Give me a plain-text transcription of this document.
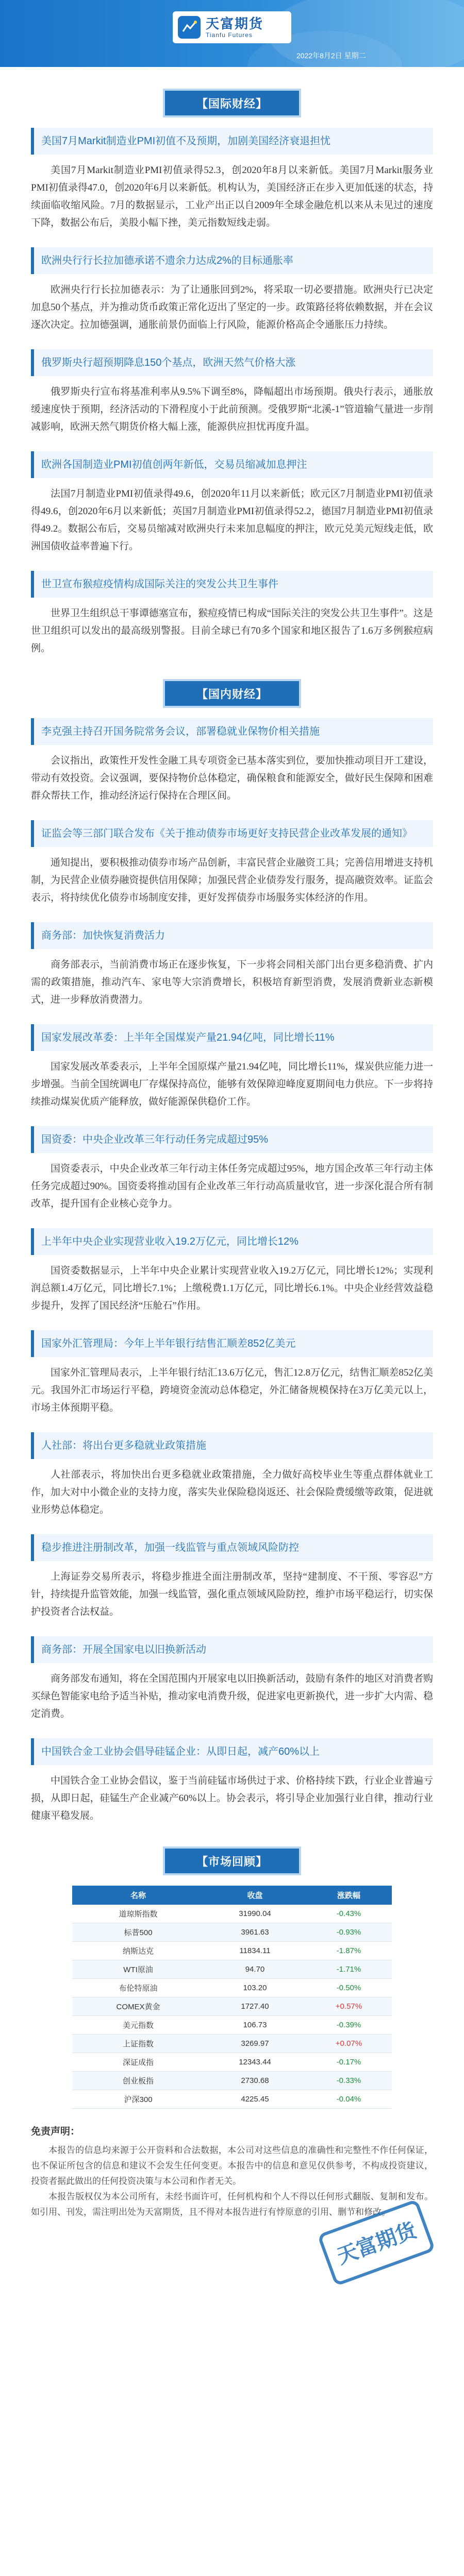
天富期货
Tianfu Futures
2022年8月2日 星期二
【国际财经】
美国7月Markit制造业PMI初值不及预期，加剧美国经济衰退担忧

美国7月Markit制造业PMI初值录得52.3，创2020年8月以来新低。美国7月Markit服务业PMI初值录得47.0，创2020年6月以来新低。机构认为，美国经济正在步入更加低迷的状态，持续面临收缩风险。7月的数据显示，工业产出正以自2009年全球金融危机以来从未见过的速度下降，数据公布后，美股小幅下挫，美元指数短线走弱。

欧洲央行行长拉加德承诺不遗余力达成2%的目标通胀率

欧洲央行行长拉加德表示：为了让通胀回到2%，将采取一切必要措施。欧洲央行已决定加息50个基点，并为推动货币政策正常化迈出了坚定的一步。政策路径将依赖数据，并在会议逐次决定。拉加德强调，通胀前景仍面临上行风险，能源价格高企令通胀压力持续。

俄罗斯央行超预期降息150个基点，欧洲天然气价格大涨

俄罗斯央行宣布将基准利率从9.5%下调至8%，降幅超出市场预期。俄央行表示，通胀放缓速度快于预期，经济活动的下滑程度小于此前预测。受俄罗斯“北溪-1”管道输气量进一步削减影响，欧洲天然气期货价格大幅上涨，能源供应担忧再度升温。

欧洲各国制造业PMI初值创两年新低，交易员缩减加息押注

法国7月制造业PMI初值录得49.6，创2020年11月以来新低；欧元区7月制造业PMI初值录得49.6，创2020年6月以来新低；英国7月制造业PMI初值录得52.2，德国7月制造业PMI初值录得49.2。数据公布后，交易员缩减对欧洲央行未来加息幅度的押注，欧元兑美元短线走低，欧洲国债收益率普遍下行。

世卫宣布猴痘疫情构成国际关注的突发公共卫生事件

世界卫生组织总干事谭德塞宣布，猴痘疫情已构成“国际关注的突发公共卫生事件”。这是世卫组织可以发出的最高级别警报。目前全球已有70多个国家和地区报告了1.6万多例猴痘病例。

【国内财经】
李克强主持召开国务院常务会议，部署稳就业保物价相关措施

会议指出，政策性开发性金融工具专项资金已基本落实到位，要加快推动项目开工建设，带动有效投资。会议强调，要保持物价总体稳定，确保粮食和能源安全，做好民生保障和困难群众帮扶工作，推动经济运行保持在合理区间。

证监会等三部门联合发布《关于推动债券市场更好支持民营企业改革发展的通知》

通知提出，要积极推动债券市场产品创新，丰富民营企业融资工具；完善信用增进支持机制，为民营企业债券融资提供信用保障；加强民营企业债券发行服务，提高融资效率。证监会表示，将持续优化债券市场制度安排，更好发挥债券市场服务实体经济的作用。

商务部：加快恢复消费活力

商务部表示，当前消费市场正在逐步恢复，下一步将会同相关部门出台更多稳消费、扩内需的政策措施，推动汽车、家电等大宗消费增长，积极培育新型消费，发展消费新业态新模式，进一步释放消费潜力。

国家发展改革委：上半年全国煤炭产量21.94亿吨，同比增长11%

国家发展改革委表示，上半年全国原煤产量21.94亿吨，同比增长11%，煤炭供应能力进一步增强。当前全国统调电厂存煤保持高位，能够有效保障迎峰度夏期间电力供应。下一步将持续推动煤炭优质产能释放，做好能源保供稳价工作。

国资委：中央企业改革三年行动任务完成超过95%

国资委表示，中央企业改革三年行动主体任务完成超过95%，地方国企改革三年行动主体任务完成超过90%。国资委将推动国有企业改革三年行动高质量收官，进一步深化混合所有制改革，提升国有企业核心竞争力。

上半年中央企业实现营业收入19.2万亿元，同比增长12%

国资委数据显示，上半年中央企业累计实现营业收入19.2万亿元，同比增长12%；实现利润总额1.4万亿元，同比增长7.1%；上缴税费1.1万亿元，同比增长6.1%。中央企业经营效益稳步提升，发挥了国民经济“压舱石”作用。

国家外汇管理局：今年上半年银行结售汇顺差852亿美元

国家外汇管理局表示，上半年银行结汇13.6万亿元，售汇12.8万亿元，结售汇顺差852亿美元。我国外汇市场运行平稳，跨境资金流动总体稳定，外汇储备规模保持在3万亿美元以上，市场主体预期平稳。

人社部：将出台更多稳就业政策措施

人社部表示，将加快出台更多稳就业政策措施，全力做好高校毕业生等重点群体就业工作，加大对中小微企业的支持力度，落实失业保险稳岗返还、社会保险费缓缴等政策，促进就业形势总体稳定。

稳步推进注册制改革，加强一线监管与重点领域风险防控

上海证券交易所表示，将稳步推进全面注册制改革，坚持“建制度、不干预、零容忍”方针，持续提升监管效能，加强一线监管，强化重点领域风险防控，维护市场平稳运行，切实保护投资者合法权益。

商务部：开展全国家电以旧换新活动

商务部发布通知，将在全国范围内开展家电以旧换新活动，鼓励有条件的地区对消费者购买绿色智能家电给予适当补贴，推动家电消费升级，促进家电更新换代，进一步扩大内需、稳定消费。

中国铁合金工业协会倡导硅锰企业：从即日起，减产60%以上

中国铁合金工业协会倡议，鉴于当前硅锰市场供过于求、价格持续下跌，行业企业普遍亏损，从即日起，硅锰生产企业减产60%以上。协会表示，将引导企业加强行业自律，推动行业健康平稳发展。

【市场回顾】
名称	收盘	涨跌幅
道琼斯指数	31990.04	-0.43%
标普500	3961.63	-0.93%
纳斯达克	11834.11	-1.87%
WTI原油	94.70	-1.71%
布伦特原油	103.20	-0.50%
COMEX黄金	1727.40	+0.57%
美元指数	106.73	-0.39%
上证指数	3269.97	+0.07%
深证成指	12343.44	-0.17%
创业板指	2730.68	-0.33%
沪深300	4225.45	-0.04%
免责声明：

本报告的信息均来源于公开资料和合法数据，本公司对这些信息的准确性和完整性不作任何保证，也不保证所包含的信息和建议不会发生任何变更。本报告中的信息和意见仅供参考，不构成投资建议，投资者据此做出的任何投资决策与本公司和作者无关。

本报告版权仅为本公司所有，未经书面许可，任何机构和个人不得以任何形式翻版、复制和发布。如引用、刊发，需注明出处为天富期货，且不得对本报告进行有悖原意的引用、删节和修改。

天富期货
